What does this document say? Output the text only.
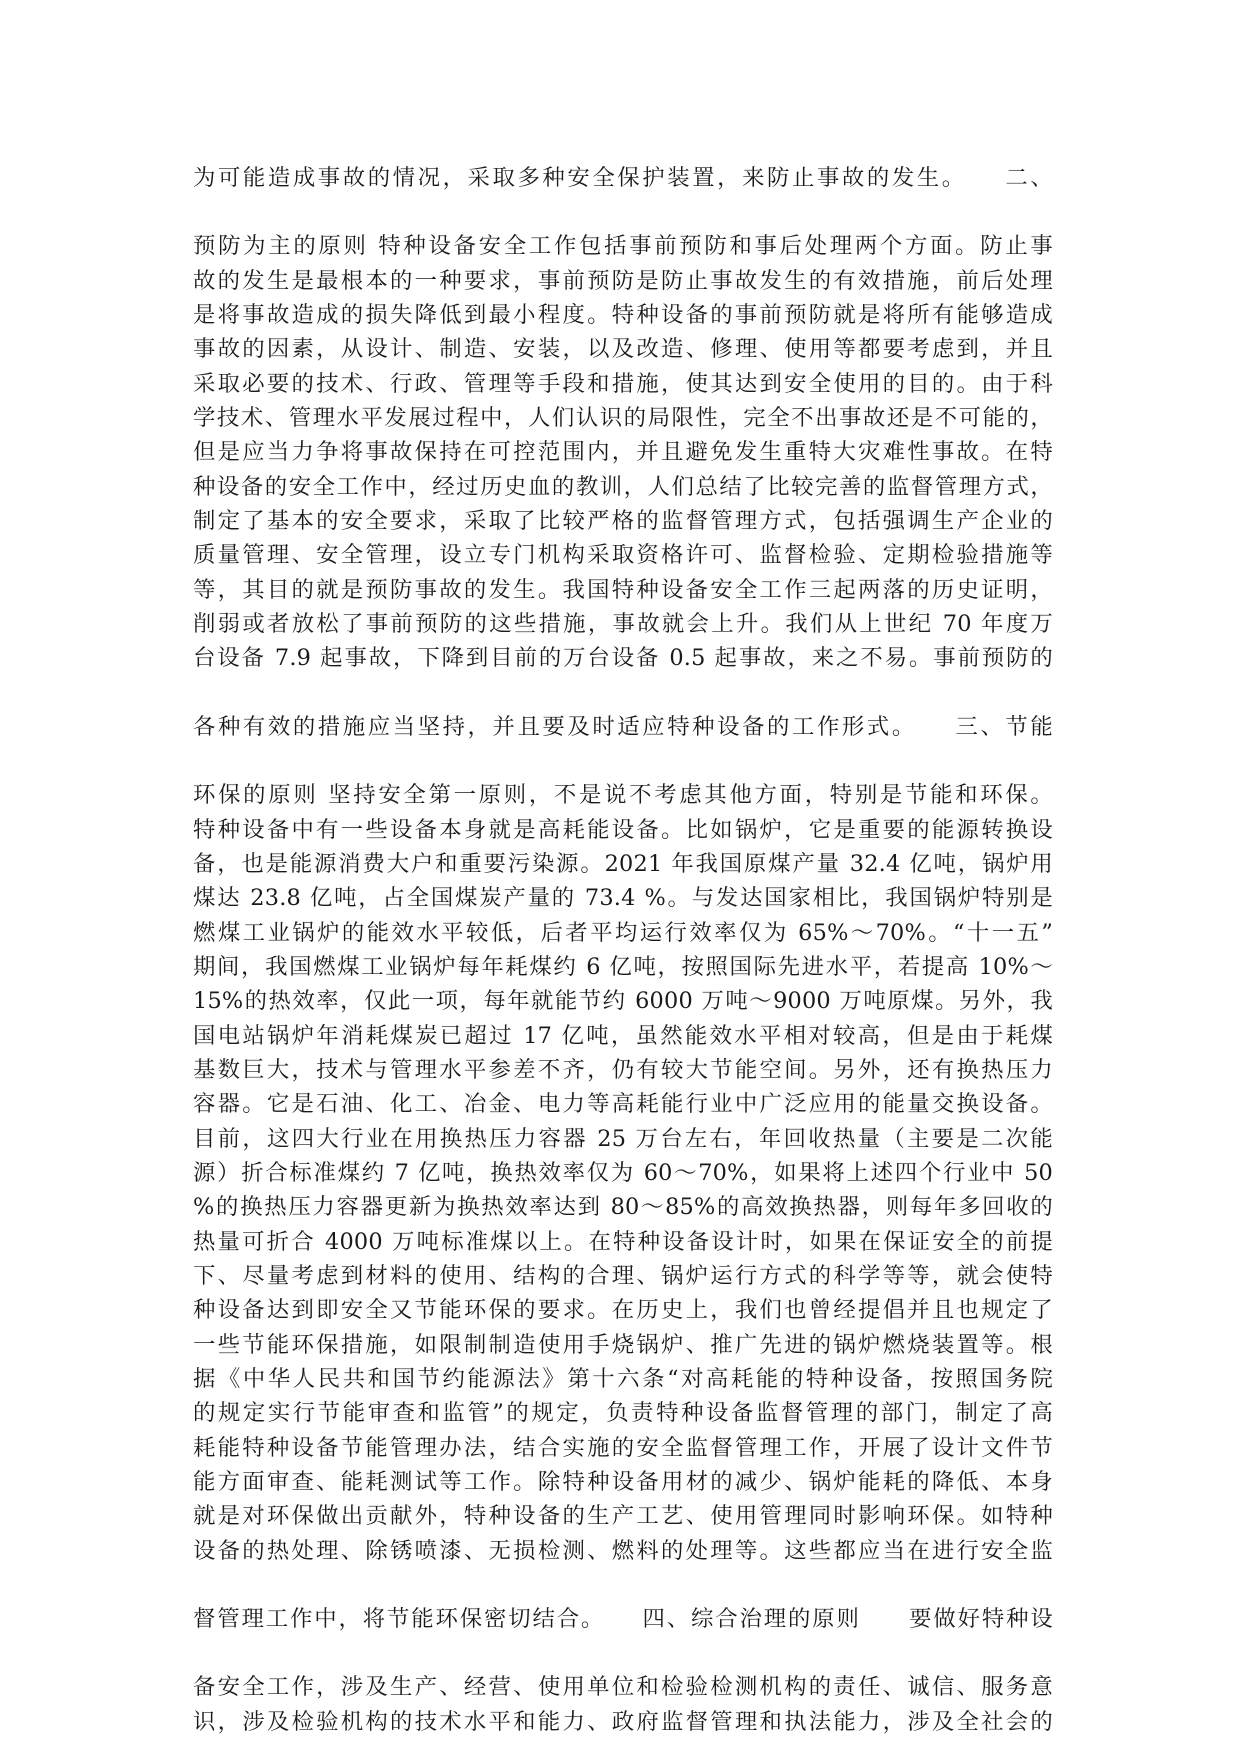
为可能造成事故的情况，采取多种安全保护装置，来防止事故的发生。　　二、
预防为主的原则 特种设备安全工作包括事前预防和事后处理两个方面。防止事
故的发生是最根本的一种要求，事前预防是防止事故发生的有效措施，前后处理
是将事故造成的损失降低到最小程度。特种设备的事前预防就是将所有能够造成
事故的因素，从设计、制造、安装，以及改造、修理、使用等都要考虑到，并且
采取必要的技术、行政、管理等手段和措施，使其达到安全使用的目的。由于科
学技术、管理水平发展过程中，人们认识的局限性，完全不出事故还是不可能的，
但是应当力争将事故保持在可控范围内，并且避免发生重特大灾难性事故。在特
种设备的安全工作中，经过历史血的教训，人们总结了比较完善的监督管理方式，
制定了基本的安全要求，采取了比较严格的监督管理方式，包括强调生产企业的
质量管理、安全管理，设立专门机构采取资格许可、监督检验、定期检验措施等
等，其目的就是预防事故的发生。我国特种设备安全工作三起两落的历史证明，
削弱或者放松了事前预防的这些措施，事故就会上升。我们从上世纪 70 年度万
台设备 7.9 起事故，下降到目前的万台设备 0.5 起事故，来之不易。事前预防的
各种有效的措施应当坚持，并且要及时适应特种设备的工作形式。　　三、节能
环保的原则 坚持安全第一原则，不是说不考虑其他方面，特别是节能和环保。
特种设备中有一些设备本身就是高耗能设备。比如锅炉，它是重要的能源转换设
备，也是能源消费大户和重要污染源。2021 年我国原煤产量 32.4 亿吨，锅炉用
煤达 23.8 亿吨，占全国煤炭产量的 73.4 %。与发达国家相比，我国锅炉特别是
燃煤工业锅炉的能效水平较低，后者平均运行效率仅为 65%～70%。“十一五”
期间，我国燃煤工业锅炉每年耗煤约 6 亿吨，按照国际先进水平，若提高 10%～
15%的热效率，仅此一项，每年就能节约 6000 万吨～9000 万吨原煤。另外，我
国电站锅炉年消耗煤炭已超过 17 亿吨，虽然能效水平相对较高，但是由于耗煤
基数巨大，技术与管理水平参差不齐，仍有较大节能空间。另外，还有换热压力
容器。它是石油、化工、冶金、电力等高耗能行业中广泛应用的能量交换设备。
目前，这四大行业在用换热压力容器 25 万台左右，年回收热量（主要是二次能
源）折合标准煤约 7 亿吨，换热效率仅为 60～70%，如果将上述四个行业中 50
%的换热压力容器更新为换热效率达到 80～85%的高效换热器，则每年多回收的
热量可折合 4000 万吨标准煤以上。在特种设备设计时，如果在保证安全的前提
下、尽量考虑到材料的使用、结构的合理、锅炉运行方式的科学等等，就会使特
种设备达到即安全又节能环保的要求。在历史上，我们也曾经提倡并且也规定了
一些节能环保措施，如限制制造使用手烧锅炉、推广先进的锅炉燃烧装置等。根
据《中华人民共和国节约能源法》第十六条“对高耗能的特种设备，按照国务院
的规定实行节能审查和监管”的规定，负责特种设备监督管理的部门，制定了高
耗能特种设备节能管理办法，结合实施的安全监督管理工作，开展了设计文件节
能方面审查、能耗测试等工作。除特种设备用材的减少、锅炉能耗的降低、本身
就是对环保做出贡献外，特种设备的生产工艺、使用管理同时影响环保。如特种
设备的热处理、除锈喷漆、无损检测、燃料的处理等。这些都应当在进行安全监
督管理工作中，将节能环保密切结合。　　四、综合治理的原则　　要做好特种设
备安全工作，涉及生产、经营、使用单位和检验检测机构的责任、诚信、服务意
识，涉及检验机构的技术水平和能力、政府监督管理和执法能力，涉及全社会的
